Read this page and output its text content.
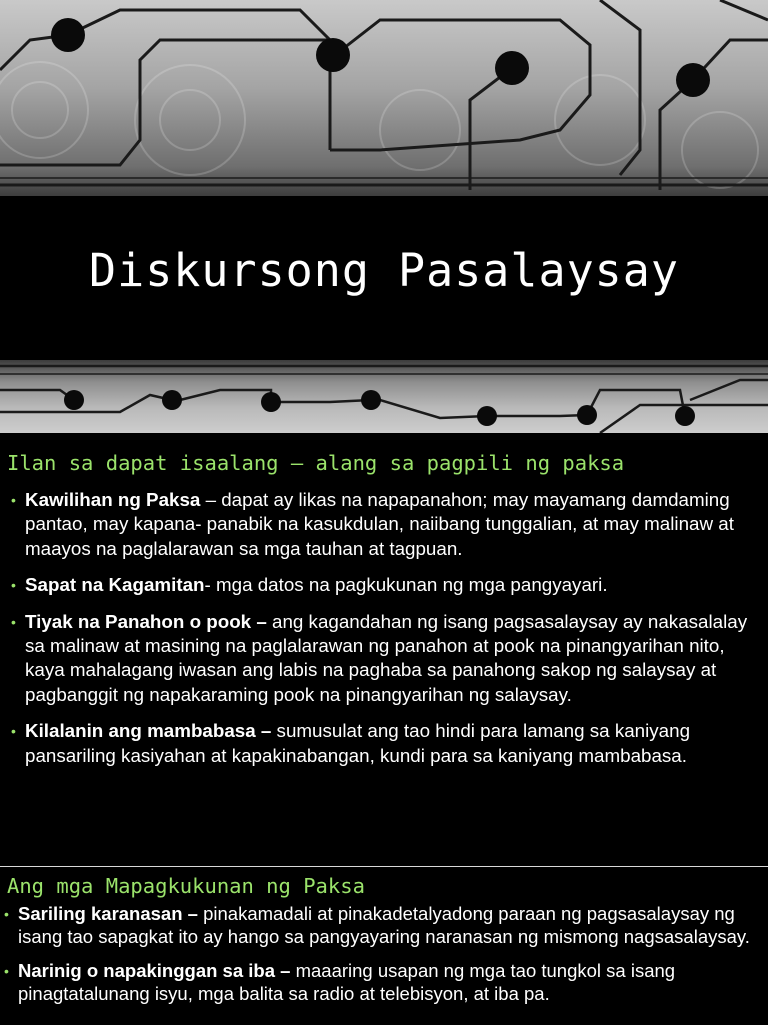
Diskursong Pasalaysay
Ilan sa dapat isaalang – alang sa pagpili ng paksa
• Kawilihan ng Paksa – dapat ay likas na napapanahon; may mayamang damdaming pantao, may kapana- panabik na kasukdulan, naiibang tunggalian, at may malinaw at maayos na paglalarawan sa mga tauhan at tagpuan.
• Sapat na Kagamitan- mga datos na pagkukunan ng mga pangyayari.
• Tiyak na Panahon o pook – ang kagandahan ng isang pagsasalaysay ay nakasalalay sa malinaw at masining na paglalarawan ng panahon at pook na pinangyarihan nito, kaya mahalagang iwasan ang labis na paghaba sa panahong sakop ng salaysay at pagbanggit ng napakaraming pook na pinangyarihan ng salaysay.
• Kilalanin ang mambabasa – sumusulat ang tao hindi para lamang sa kaniyang pansariling kasiyahan at kapakinabangan, kundi para sa kaniyang mambabasa.
Ang mga Mapagkukunan ng Paksa
• Sariling karanasan – pinakamadali at pinakadetalyadong paraan ng pagsasalaysay ng isang tao sapagkat ito ay hango sa pangyayaring naranasan ng mismong nagsasalaysay.
• Narinig o napakinggan sa iba – maaaring usapan ng mga tao tungkol sa isang pinagtatalunang isyu, mga balita sa radio at telebisyon, at iba pa.
